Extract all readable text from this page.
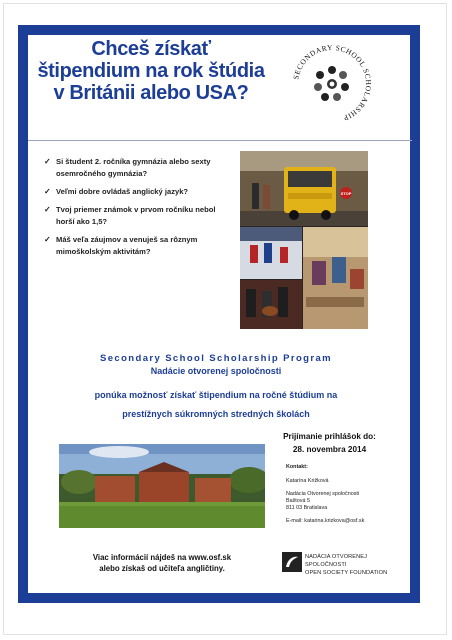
Chceš získať
štipendium na rok štúdia
v Británii alebo USA?
SECONDARY SCHOOL SCHOLARSHIP
✓ Si študent 2. ročníka gymnázia alebo sexty osemročného gymnázia?
✓ Veľmi dobre ovládaš anglický jazyk?
✓ Tvoj priemer známok v prvom ročníku nebol horší ako 1,5?
✓ Máš veľa záujmov a venuješ sa rôznym mimoškolským aktivitám?
STOP
Secondary School Scholarship Program
Nadácie otvorenej spoločnosti
ponúka možnosť získať štipendium na ročné štúdium na
prestížnych súkromných stredných školách
Prijímanie prihlášok do:
28. novembra 2014
Kontakt:
Katarína Križková
Nadácia Otvorenej spoločnosti
Baštová 5
811 03 Bratislava
E-mail: katarina.krizkova@osf.sk
Viac informácií nájdeš na www.osf.sk
alebo získaš od učiteľa angličtiny.
NADÁCIA OTVORENEJ SPOLOČNOSTI
OPEN SOCIETY FOUNDATION
